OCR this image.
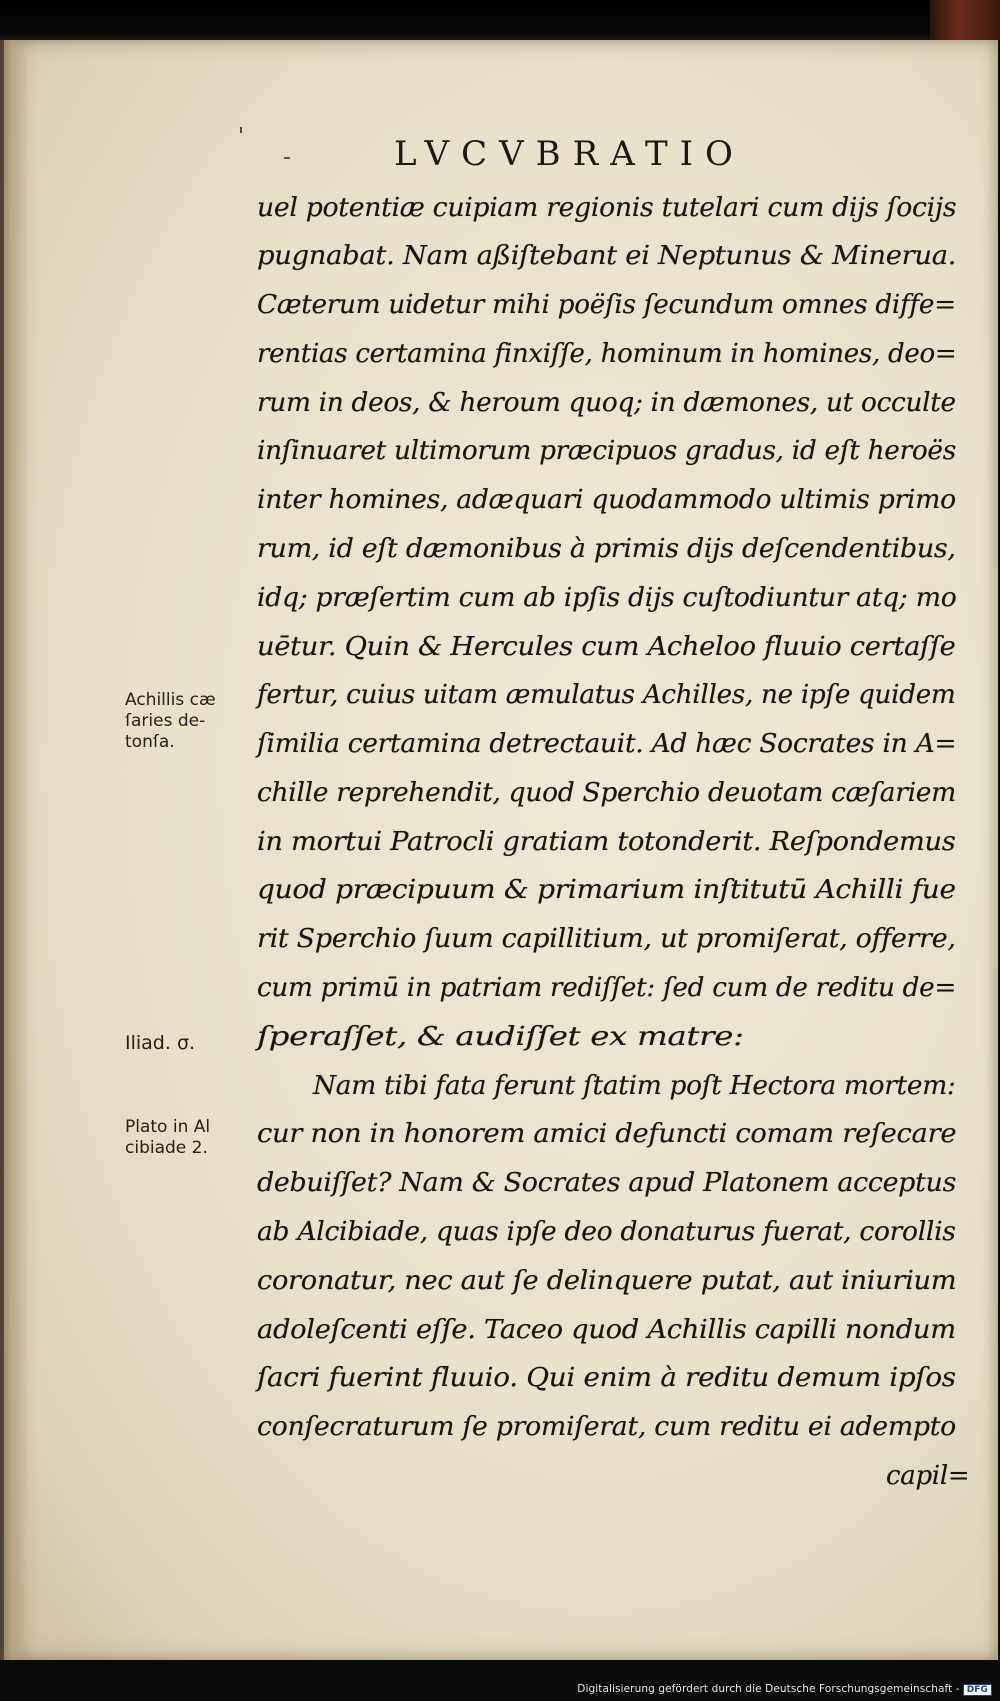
LVCVBRATIO
uel potentiæ cuipiam regionis tutelari cum dijs ſocijs
pugnabat. Nam aßiſtebant ei Neptunus & Minerua.
Cæterum uidetur mihi poëſis ſecundum omnes diffe=
rentias certamina finxiſſe, hominum in homines, deo=
rum in deos, & heroum quoq; in dæmones, ut occulte
inſinuaret ultimorum præcipuos gradus, id eſt heroës
inter homines, adæquari quodammodo ultimis primo
rum, id eſt dæmonibus à primis dijs deſcendentibus,
idq; præſertim cum ab ipſis dijs cuſtodiuntur atq; mo
uētur. Quin & Hercules cum Acheloo fluuio certaſſe
fertur, cuius uitam æmulatus Achilles, ne ipſe quidem
ſimilia certamina detrectauit. Ad hæc Socrates in A=
chille reprehendit, quod Sperchio deuotam cæſariem
in mortui Patrocli gratiam totonderit. Reſpondemus
quod præcipuum & primarium inſtitutū Achilli fue
rit Sperchio ſuum capillitium, ut promiſerat, offerre,
cum primū in patriam rediſſet: ſed cum de reditu de=
ſperaſſet, & audiſſet ex matre:
Nam tibi fata ferunt ſtatim poſt Hectora mortem:
cur non in honorem amici defuncti comam reſecare
debuiſſet? Nam & Socrates apud Platonem acceptus
ab Alcibiade, quas ipſe deo donaturus fuerat, corollis
coronatur, nec aut ſe delinquere putat, aut iniurium
adoleſcenti eſſe. Taceo quod Achillis capilli nondum
ſacri fuerint fluuio. Qui enim à reditu demum ipſos
conſecraturum ſe promiſerat, cum reditu ei adempto
capil=
Achillis cæ
ſaries de-
tonſa.
Iliad. σ.
Plato in Al
cibiade 2.
Digitalisierung gefördert durch die Deutsche Forschungsgemeinschaft - DFG
